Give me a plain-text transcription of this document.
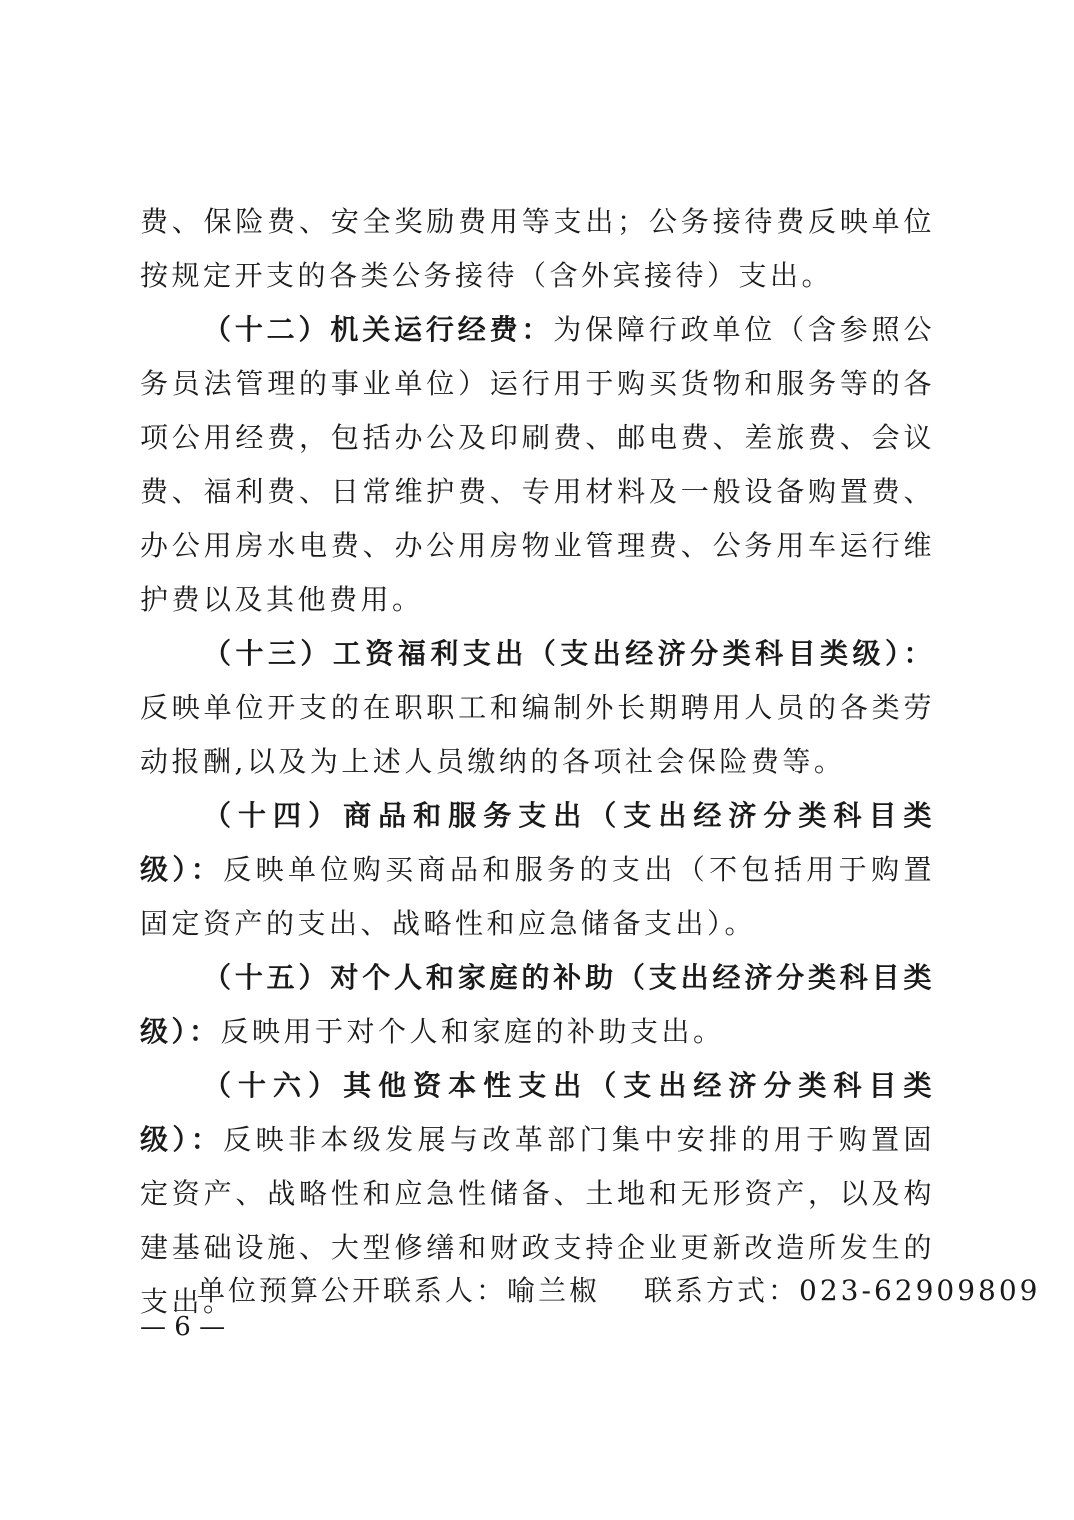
费、保险费、安全奖励费用等支出；公务接待费反映单位按规定开支的各类公务接待（含外宾接待）支出。

（十二）机关运行经费：为保障行政单位（含参照公务员法管理的事业单位）运行用于购买货物和服务等的各项公用经费，包括办公及印刷费、邮电费、差旅费、会议费、福利费、日常维护费、专用材料及一般设备购置费、办公用房水电费、办公用房物业管理费、公务用车运行维护费以及其他费用。

（十三）工资福利支出（支出经济分类科目类级）：反映单位开支的在职职工和编制外长期聘用人员的各类劳动报酬,以及为上述人员缴纳的各项社会保险费等。

（十四）商品和服务支出（支出经济分类科目类级）：反映单位购买商品和服务的支出（不包括用于购置固定资产的支出、战略性和应急储备支出）。

（十五）对个人和家庭的补助（支出经济分类科目类级）：反映用于对个人和家庭的补助支出。

（十六）其他资本性支出（支出经济分类科目类级）：反映非本级发展与改革部门集中安排的用于购置固定资产、战略性和应急性储备、土地和无形资产，以及构建基础设施、大型修缮和财政支持企业更新改造所发生的支出。

单位预算公开联系人：喻兰椒 联系方式：023-62909809
— 6 —
